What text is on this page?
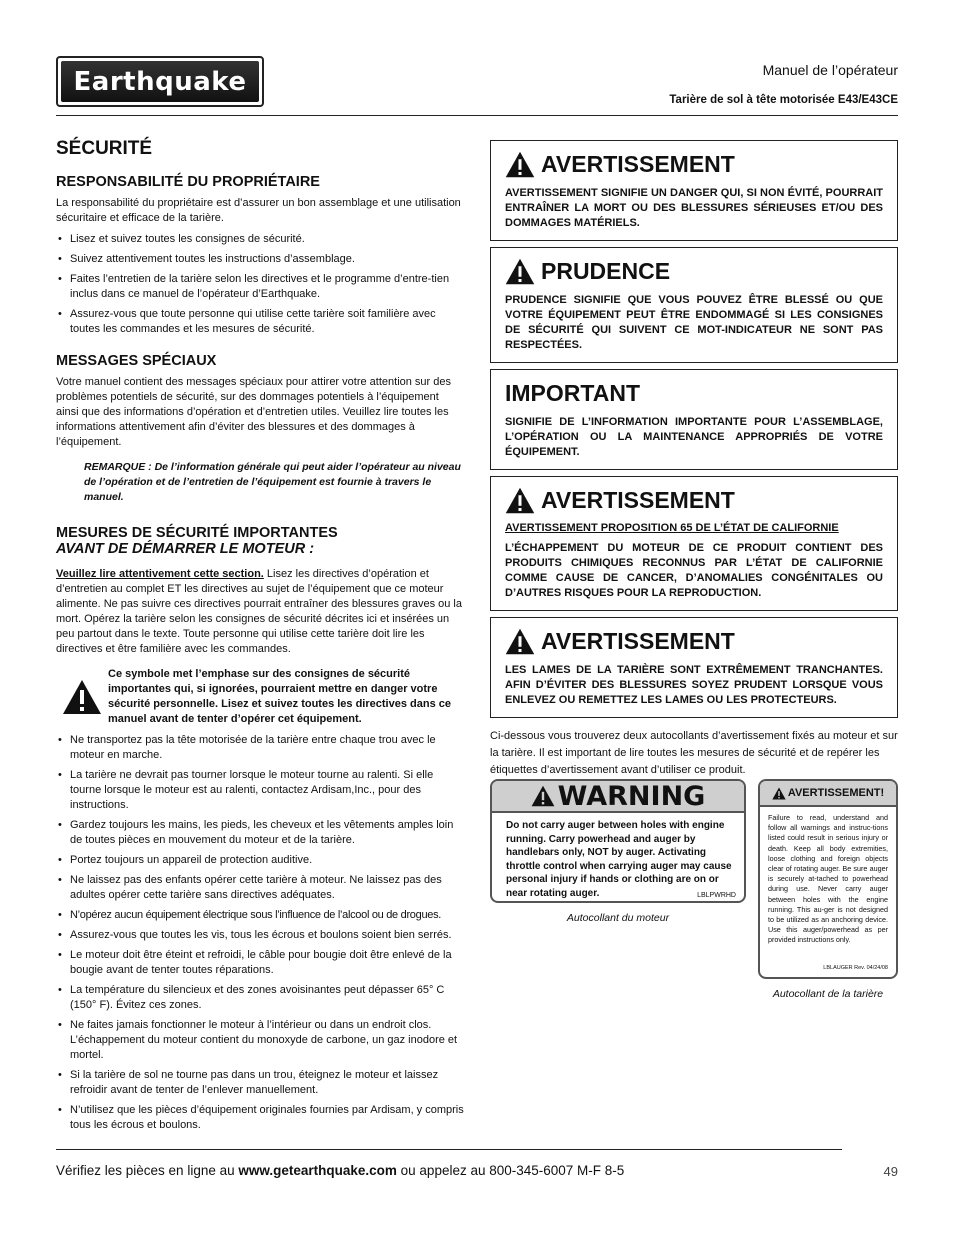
Earthquake	Manuel de l’opérateur
Tarière de sol à tête motorisée E43/E43CE
SÉCURITÉ
RESPONSABILITÉ DU PROPRIÉTAIRE

La responsabilité du propriétaire est d’assurer un bon assemblage et une utilisation sécuritaire et efficace de la tarière.

• Lisez et suivez toutes les consignes de sécurité.
• Suivez attentivement toutes les instructions d’assemblage.
• Faites l’entretien de la tarière selon les directives et le programme d’entre-tien inclus dans ce manuel de l’opérateur d’Earthquake.
• Assurez-vous que toute personne qui utilise cette tarière soit familière avec toutes les commandes et les mesures de sécurité.
MESSAGES SPÉCIAUX

Votre manuel contient des messages spéciaux pour attirer votre attention sur des problèmes potentiels de sécurité, sur des dommages potentiels à l’équipement ainsi que des informations d’opération et d’entretien utiles. Veuillez lire toutes les informations attentivement afin d’éviter des blessures et des dommages à l’équipement.

REMARQUE : De l’information générale qui peut aider l’opérateur au niveau de l’opération et de l’entretien de l’équipement est fournie à travers le manuel.
MESURES DE SÉCURITÉ IMPORTANTES
AVANT DE DÉMARRER LE MOTEUR :

Veuillez lire attentivement cette section. Lisez les directives d’opération et d’entretien au complet ET les directives au sujet de l’équipement que ce moteur alimente. Ne pas suivre ces directives pourrait entraîner des blessures graves ou la mort. Opérez la tarière selon les consignes de sécurité décrites ici et insérées un peu partout dans le texte. Toute personne qui utilise cette tarière doit lire les directives et être familière avec les commandes.

Ce symbole met l’emphase sur des consignes de sécurité importantes qui, si ignorées, pourraient mettre en danger votre sécurité personnelle. Lisez et suivez toutes les directives dans ce manuel avant de tenter d’opérer cet équipement.
• Ne transportez pas la tête motorisée de la tarière entre chaque trou avec le moteur en marche.
• La tarière ne devrait pas tourner lorsque le moteur tourne au ralenti. Si elle tourne lorsque le moteur est au ralenti, contactez Ardisam,Inc., pour des instructions.
• Gardez toujours les mains, les pieds, les cheveux et les vêtements amples loin de toutes pièces en mouvement du moteur et de la tarière.
• Portez toujours un appareil de protection auditive.
• Ne laissez pas des enfants opérer cette tarière à moteur. Ne laissez pas des adultes opérer cette tarière sans directives adéquates.
• N’opérez aucun équipement électrique sous l’influence de l’alcool ou de drogues.
• Assurez-vous que toutes les vis, tous les écrous et boulons soient bien serrés.
• Le moteur doit être éteint et refroidi, le câble pour bougie doit être enlevé de la bougie avant de tenter toutes réparations.
• La température du silencieux et des zones avoisinantes peut dépasser 65° C (150° F). Évitez ces zones.
• Ne faites jamais fonctionner le moteur à l’intérieur ou dans un endroit clos. L’échappement du moteur contient du monoxyde de carbone, un gaz inodore et mortel.
• Si la tarière de sol ne tourne pas dans un trou, éteignez le moteur et laissez refroidir avant de tenter de l’enlever manuellement.
• N’utilisez que les pièces d’équipement originales fournies par Ardisam, y compris tous les écrous et boulons.
AVERTISSEMENT
AVERTISSEMENT SIGNIFIE UN DANGER QUI, SI NON ÉVITÉ, POURRAIT ENTRAÎNER LA MORT OU DES BLESSURES SÉRIEUSES ET/OU DES DOMMAGES MATÉRIELS.
PRUDENCE
PRUDENCE SIGNIFIE QUE VOUS POUVEZ ÊTRE BLESSÉ OU QUE VOTRE ÉQUIPEMENT PEUT ÊTRE ENDOMMAGÉ SI LES CONSIGNES DE SÉCURITÉ QUI SUIVENT CE MOT-INDICATEUR NE SONT PAS RESPECTÉES.
IMPORTANT
SIGNIFIE DE L’INFORMATION IMPORTANTE POUR L’ASSEMBLAGE, L’OPÉRATION OU LA MAINTENANCE APPROPRIÉS DE VOTRE ÉQUIPEMENT.
AVERTISSEMENT
AVERTISSEMENT PROPOSITION 65 DE L’ÉTAT DE CALIFORNIE
L’ÉCHAPPEMENT DU MOTEUR DE CE PRODUIT CONTIENT DES PRODUITS CHIMIQUES RECONNUS PAR L’ÉTAT DE CALIFORNIE COMME CAUSE DE CANCER, D’ANOMALIES CONGÉNITALES OU D’AUTRES RISQUES POUR LA REPRODUCTION.
AVERTISSEMENT
LES LAMES DE LA TARIÈRE SONT EXTRÊMEMENT TRANCHANTES. AFIN D’ÉVITER DES BLESSURES SOYEZ PRUDENT LORSQUE VOUS ENLEVEZ OU REMETTEZ LES LAMES OU LES PROTECTEURS.

Ci-dessous vous trouverez deux autocollants d’avertissement fixés au moteur et sur la tarière. Il est important de lire toutes les mesures de sécurité et de repérer les étiquettes d’avertissement avant d’utiliser ce produit.

WARNING
Do not carry auger between holes with engine running. Carry powerhead and auger by handlebars only, NOT by auger. Activating throttle control when carrying auger may cause personal injury if hands or clothing are on or near rotating auger.	LBLPWRHD
Autocollant du moteur
AVERTISSEMENT!
Failure to read, understand and follow all warnings and instruc-tions listed could result in serious injury or death. Keep all body extremities, loose clothing and foreign objects clear of rotating auger. Be sure auger is securely at-tached to powerhead during use. Never carry auger between holes with the engine running. This au-ger is not designed to be utilized as an anchoring device. Use this auger/powerhead as per provided instructions only.
LBLAUGER Rev. 04/24/08
Autocollant de la tarière
Vérifiez les pièces en ligne au www.getearthquake.com ou appelez au 800-345-6007 M-F 8-5	49
